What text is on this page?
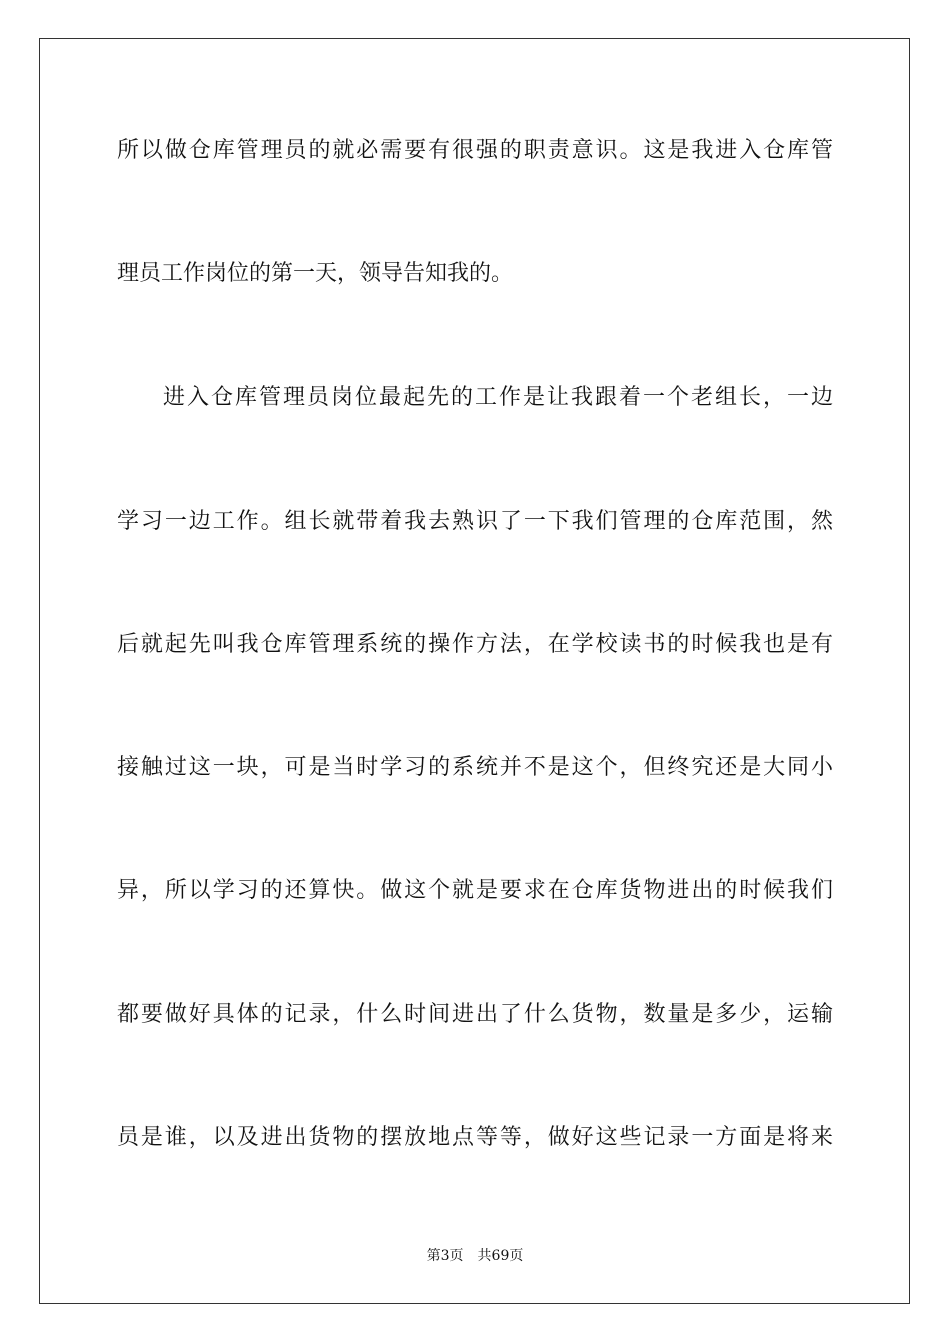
所以做仓库管理员的就必需要有很强的职责意识。这是我进入仓库管
理员工作岗位的第一天，领导告知我的。
进入仓库管理员岗位最起先的工作是让我跟着一个老组长，一边
学习一边工作。组长就带着我去熟识了一下我们管理的仓库范围，然
后就起先叫我仓库管理系统的操作方法，在学校读书的时候我也是有
接触过这一块，可是当时学习的系统并不是这个，但终究还是大同小
异，所以学习的还算快。做这个就是要求在仓库货物进出的时候我们
都要做好具体的记录，什么时间进出了什么货物，数量是多少，运输
员是谁，以及进出货物的摆放地点等等，做好这些记录一方面是将来
第3页 共69页
